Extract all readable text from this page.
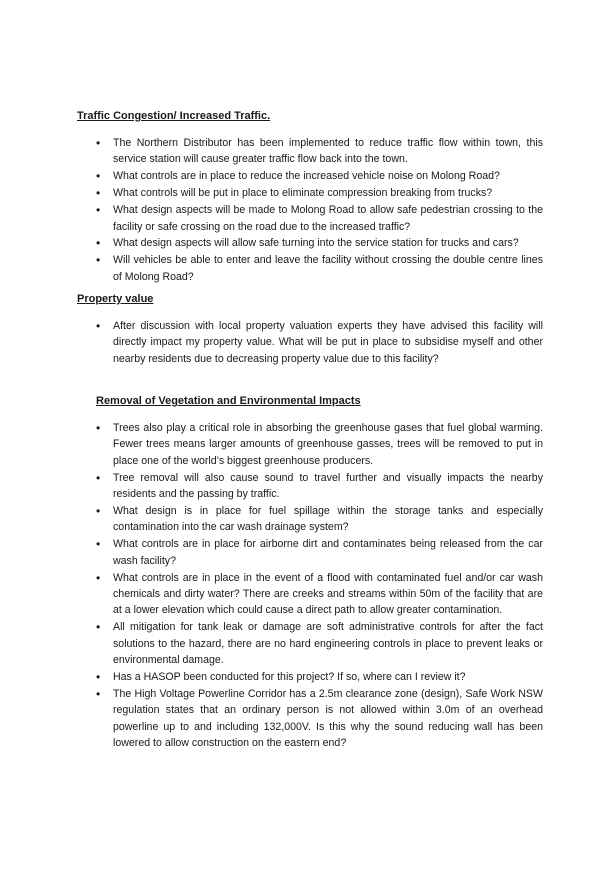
Traffic Congestion/ Increased Traffic.
• The Northern Distributor has been implemented to reduce traffic flow within town, this service station will cause greater traffic flow back into the town.
• What controls are in place to reduce the increased vehicle noise on Molong Road?
• What controls will be put in place to eliminate compression breaking from trucks?
• What design aspects will be made to Molong Road to allow safe pedestrian crossing to the facility or safe crossing on the road due to the increased traffic?
• What design aspects will allow safe turning into the service station for trucks and cars?
• Will vehicles be able to enter and leave the facility without crossing the double centre lines of Molong Road?
Property value
• After discussion with local property valuation experts they have advised this facility will directly impact my property value. What will be put in place to subsidise myself and other nearby residents due to decreasing property value due to this facility?
Removal of Vegetation and Environmental Impacts
• Trees also play a critical role in absorbing the greenhouse gases that fuel global warming. Fewer trees means larger amounts of greenhouse gasses, trees will be removed to put in place one of the world’s biggest greenhouse producers.
• Tree removal will also cause sound to travel further and visually impacts the nearby residents and the passing by traffic.
• What design is in place for fuel spillage within the storage tanks and especially contamination into the car wash drainage system?
• What controls are in place for airborne dirt and contaminates being released from the car wash facility?
• What controls are in place in the event of a flood with contaminated fuel and/or car wash chemicals and dirty water? There are creeks and streams within 50m of the facility that are at a lower elevation which could cause a direct path to allow greater contamination.
• All mitigation for tank leak or damage are soft administrative controls for after the fact solutions to the hazard, there are no hard engineering controls in place to prevent leaks or environmental damage.
• Has a HASOP been conducted for this project? If so, where can I review it?
• The High Voltage Powerline Corridor has a 2.5m clearance zone (design), Safe Work NSW regulation states that an ordinary person is not allowed within 3.0m of an overhead powerline up to and including 132,000V. Is this why the sound reducing wall has been lowered to allow construction on the eastern end?
